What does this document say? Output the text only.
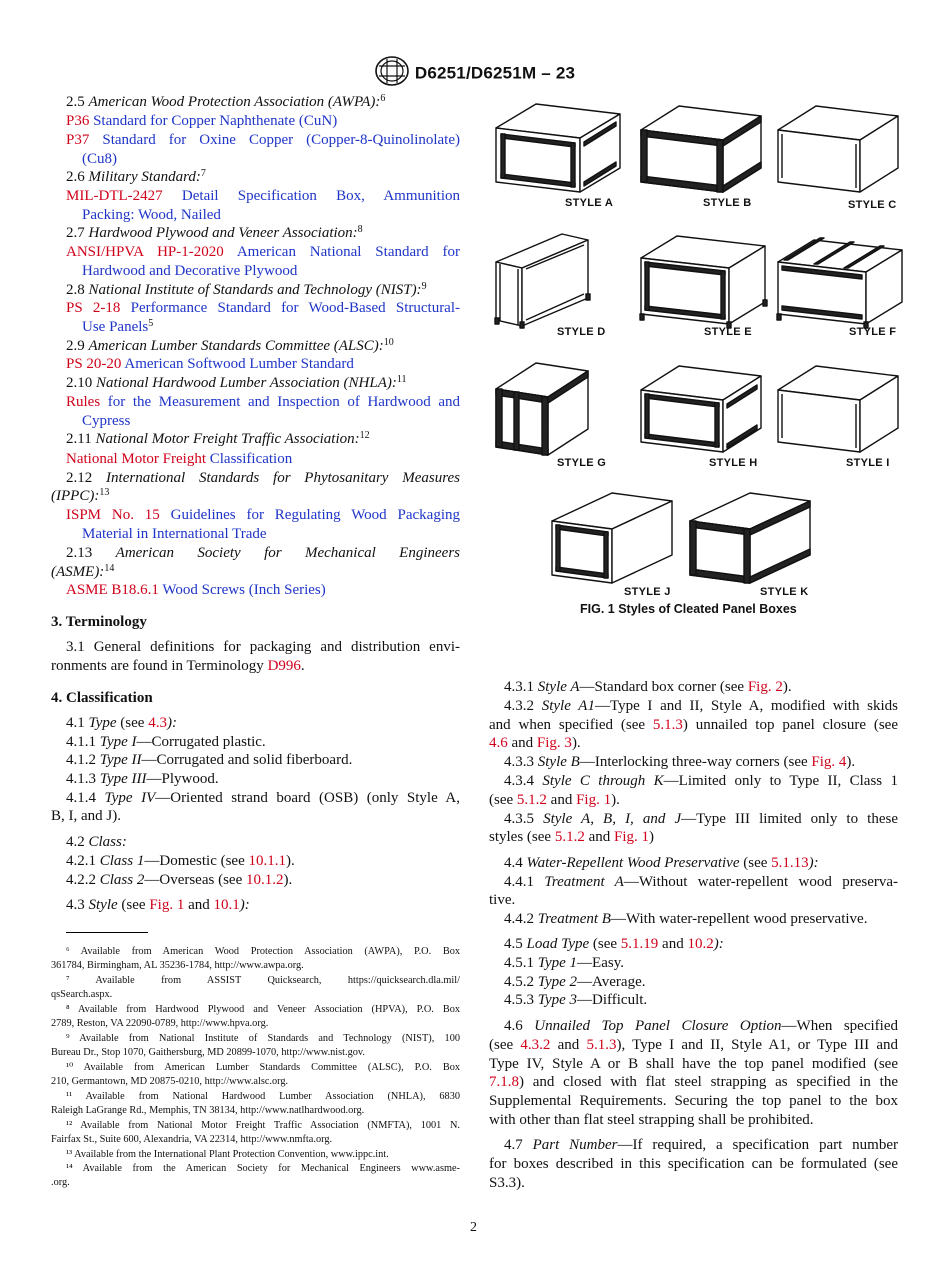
D6251/D6251M – 23
2.5 American Wood Protection Association (AWPA):$^6$
P36 Standard for Copper Naphthenate (CuN)
P37 Standard for Oxine Copper (Copper-8-Quinolinolate)
(Cu8)
2.6 Military Standard:$^7$
MIL-DTL-2427 Detail Specification Box, Ammunition
Packing: Wood, Nailed
2.7 Hardwood Plywood and Veneer Association:$^8$
ANSI/HPVA HP-1-2020 American National Standard for
Hardwood and Decorative Plywood
2.8 National Institute of Standards and Technology (NIST):$^9$
PS 2-18 Performance Standard for Wood-Based Structural-
Use Panels$^5$
2.9 American Lumber Standards Committee (ALSC):$^{10}$
PS 20-20 American Softwood Lumber Standard
2.10 National Hardwood Lumber Association (NHLA):$^{11}$
Rules for the Measurement and Inspection of Hardwood and
Cypress
2.11 National Motor Freight Traffic Association:$^{12}$
National Motor Freight Classification
2.12 International Standards for Phytosanitary Measures
(IPPC):$^{13}$
ISPM No. 15 Guidelines for Regulating Wood Packaging
Material in International Trade
2.13 American Society for Mechanical Engineers
(ASME):$^{14}$
ASME B18.6.1 Wood Screws (Inch Series)
3. Terminology
3.1 General definitions for packaging and distribution envi-
ronments are found in Terminology D996.
4. Classification
4.1 Type (see 4.3):
4.1.1 Type I—Corrugated plastic.
4.1.2 Type II—Corrugated and solid fiberboard.
4.1.3 Type III—Plywood.
4.1.4 Type IV—Oriented strand board (OSB) (only Style A,
B, I, and J).
4.2 Class:
4.2.1 Class 1—Domestic (see 10.1.1).
4.2.2 Class 2—Overseas (see 10.1.2).
4.3 Style (see Fig. 1 and 10.1):
⁶ Available from American Wood Protection Association (AWPA), P.O. Box
361784, Birmingham, AL 35236-1784, http://www.awpa.org.
⁷ Available from ASSIST Quicksearch, https://quicksearch.dla.mil/
qsSearch.aspx.
⁸ Available from Hardwood Plywood and Veneer Association (HPVA), P.O. Box
2789, Reston, VA 22090-0789, http://www.hpva.org.
⁹ Available from National Institute of Standards and Technology (NIST), 100
Bureau Dr., Stop 1070, Gaithersburg, MD 20899-1070, http://www.nist.gov.
¹⁰ Available from American Lumber Standards Committee (ALSC), P.O. Box
210, Germantown, MD 20875-0210, http://www.alsc.org.
¹¹ Available from National Hardwood Lumber Association (NHLA), 6830
Raleigh LaGrange Rd., Memphis, TN 38134, http://www.natlhardwood.org.
¹² Available from National Motor Freight Traffic Association (NMFTA), 1001 N.
Fairfax St., Suite 600, Alexandria, VA 22314, http://www.nmfta.org.
¹³ Available from the International Plant Protection Convention, www.ippc.int.
¹⁴ Available from the American Society for Mechanical Engineers www.asme-
.org.
STYLE A	STYLE B	STYLE C
STYLE D	STYLE E	STYLE F
STYLE G	STYLE H	STYLE I
STYLE J	STYLE K
FIG. 1 Styles of Cleated Panel Boxes
4.3.1 Style A—Standard box corner (see Fig. 2).
4.3.2 Style A1—Type I and II, Style A, modified with skids
and when specified (see 5.1.3) unnailed top panel closure (see
4.6 and Fig. 3).
4.3.3 Style B—Interlocking three-way corners (see Fig. 4).
4.3.4 Style C through K—Limited only to Type II, Class 1
(see 5.1.2 and Fig. 1).
4.3.5 Style A, B, I, and J—Type III limited only to these
styles (see 5.1.2 and Fig. 1)
4.4 Water-Repellent Wood Preservative (see 5.1.13):
4.4.1 Treatment A—Without water-repellent wood preserva-
tive.
4.4.2 Treatment B—With water-repellent wood preservative.
4.5 Load Type (see 5.1.19 and 10.2):
4.5.1 Type 1—Easy.
4.5.2 Type 2—Average.
4.5.3 Type 3—Difficult.
4.6 Unnailed Top Panel Closure Option—When specified
(see 4.3.2 and 5.1.3), Type I and II, Style A1, or Type III and
Type IV, Style A or B shall have the top panel modified (see
7.1.8) and closed with flat steel strapping as specified in the
Supplemental Requirements. Securing the top panel to the box
with other than flat steel strapping shall be prohibited.
4.7 Part Number—If required, a specification part number
for boxes described in this specification can be formulated (see
S3.3).
2
